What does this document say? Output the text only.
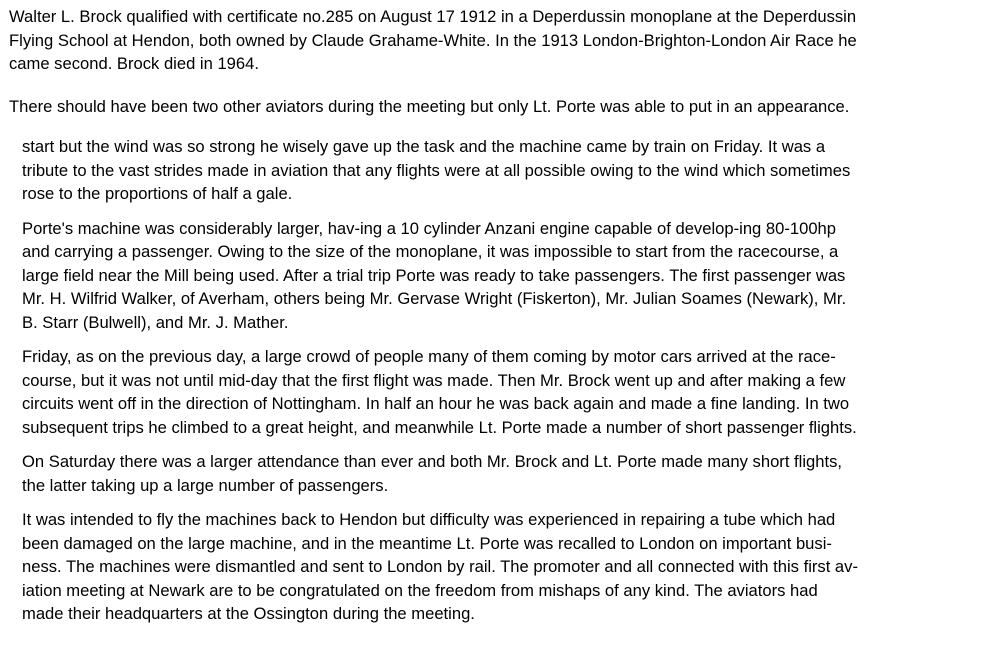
Walter L. Brock qualified with certificate no.285 on August 17 1912 in a Deperdussin monoplane at the Deperdussin
Flying School at Hendon, both owned by Claude Grahame-White. In the 1913 London-Brighton-London Air Race he
came second. Brock died in 1964.

There should have been two other aviators during the meeting but only Lt. Porte was able to put in an appearance.

start but the wind was so strong he wisely gave up the task and the machine came by train on Friday. It was a
tribute to the vast strides made in aviation that any flights were at all possible owing to the wind which sometimes
rose to the proportions of half a gale.

Porte's machine was considerably larger, hav-ing a 10 cylinder Anzani engine capable of develop-ing 80-100hp
and carrying a passenger. Owing to the size of the monoplane, it was impossible to start from the racecourse, a
large field near the Mill being used. After a trial trip Porte was ready to take passengers. The first passenger was
Mr. H. Wilfrid Walker, of Averham, others being Mr. Gervase Wright (Fiskerton), Mr. Julian Soames (Newark), Mr.
B. Starr (Bulwell), and Mr. J. Mather.

Friday, as on the previous day, a large crowd of people many of them coming by motor cars arrived at the race-
course, but it was not until mid-day that the first flight was made. Then Mr. Brock went up and after making a few
circuits went off in the direction of Nottingham. In half an hour he was back again and made a fine landing. In two
subsequent trips he climbed to a great height, and meanwhile Lt. Porte made a number of short passenger flights.

On Saturday there was a larger attendance than ever and both Mr. Brock and Lt. Porte made many short flights,
the latter taking up a large number of passengers.

It was intended to fly the machines back to Hendon but difficulty was experienced in repairing a tube which had
been damaged on the large machine, and in the meantime Lt. Porte was recalled to London on important busi-
ness. The machines were dismantled and sent to London by rail. The promoter and all connected with this first av-
iation meeting at Newark are to be congratulated on the freedom from mishaps of any kind. The aviators had
made their headquarters at the Ossington during the meeting.
